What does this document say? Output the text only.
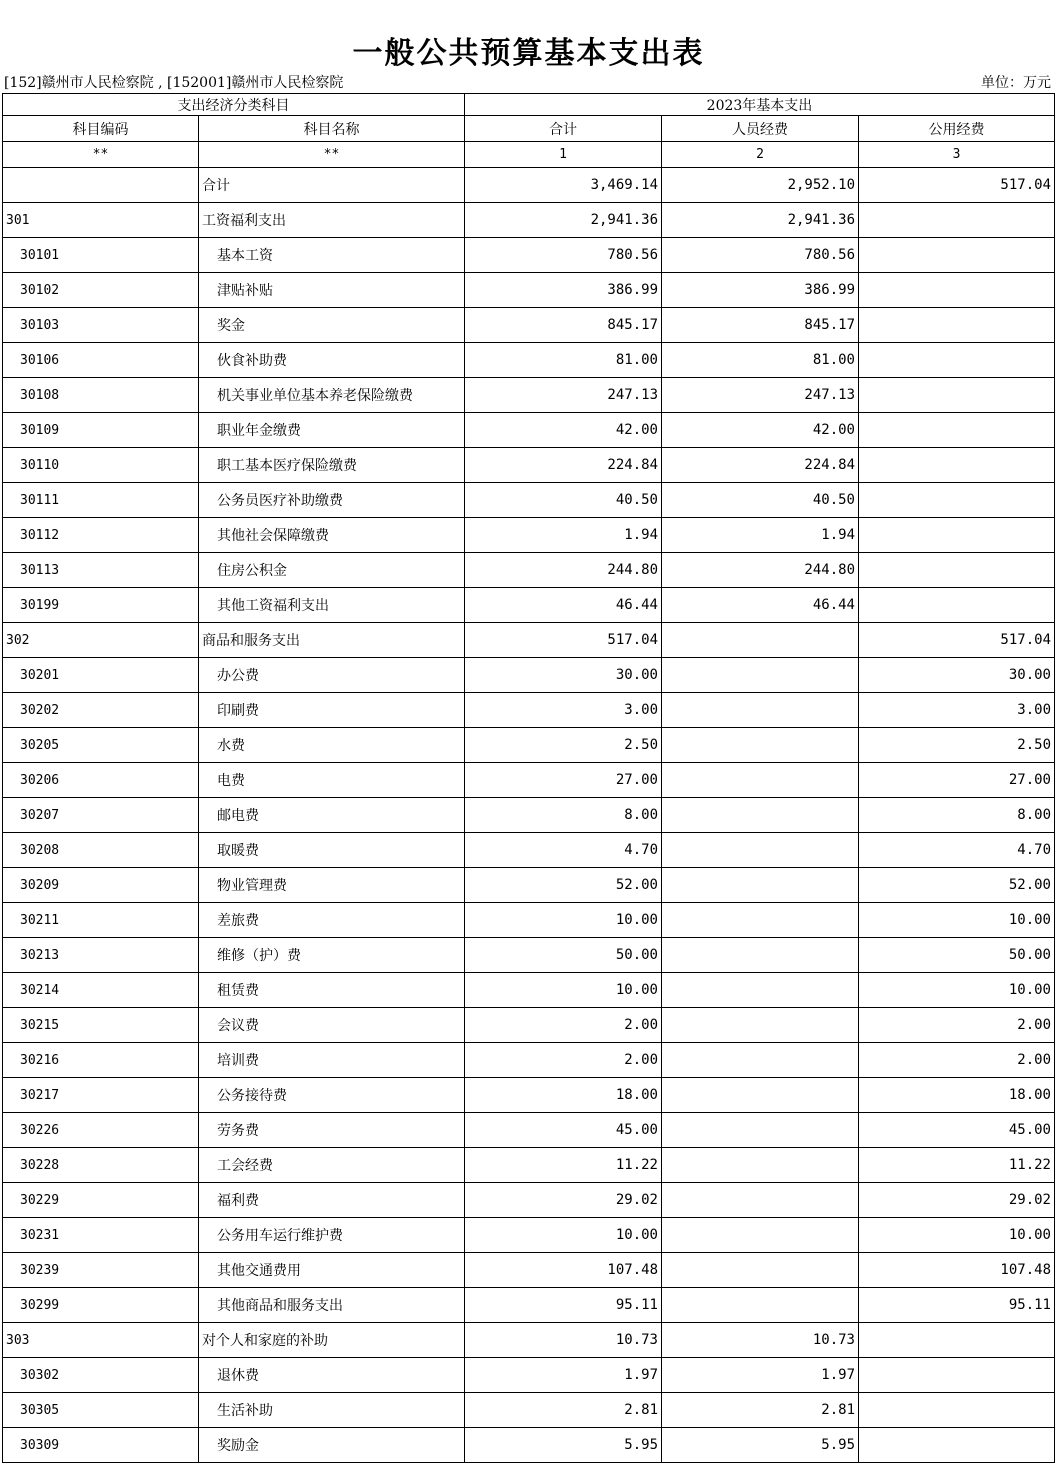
一般公共预算基本支出表
[152]赣州市人民检察院 , [152001]赣州市人民检察院	单位：万元
支出经济分类科目		2023年基本支出		
科目编码	科目名称	合计	人员经费	公用经费
**	**	1	2	3
	合计	3,469.14	2,952.10	517.04
301	工资福利支出	2,941.36	2,941.36	
30101	基本工资	780.56	780.56	
30102	津贴补贴	386.99	386.99	
30103	奖金	845.17	845.17	
30106	伙食补助费	81.00	81.00	
30108	机关事业单位基本养老保险缴费	247.13	247.13	
30109	职业年金缴费	42.00	42.00	
30110	职工基本医疗保险缴费	224.84	224.84	
30111	公务员医疗补助缴费	40.50	40.50	
30112	其他社会保障缴费	1.94	1.94	
30113	住房公积金	244.80	244.80	
30199	其他工资福利支出	46.44	46.44	
302	商品和服务支出	517.04		517.04
30201	办公费	30.00		30.00
30202	印刷费	3.00		3.00
30205	水费	2.50		2.50
30206	电费	27.00		27.00
30207	邮电费	8.00		8.00
30208	取暖费	4.70		4.70
30209	物业管理费	52.00		52.00
30211	差旅费	10.00		10.00
30213	维修（护）费	50.00		50.00
30214	租赁费	10.00		10.00
30215	会议费	2.00		2.00
30216	培训费	2.00		2.00
30217	公务接待费	18.00		18.00
30226	劳务费	45.00		45.00
30228	工会经费	11.22		11.22
30229	福利费	29.02		29.02
30231	公务用车运行维护费	10.00		10.00
30239	其他交通费用	107.48		107.48
30299	其他商品和服务支出	95.11		95.11
303	对个人和家庭的补助	10.73	10.73	
30302	退休费	1.97	1.97	
30305	生活补助	2.81	2.81	
30309	奖励金	5.95	5.95	
